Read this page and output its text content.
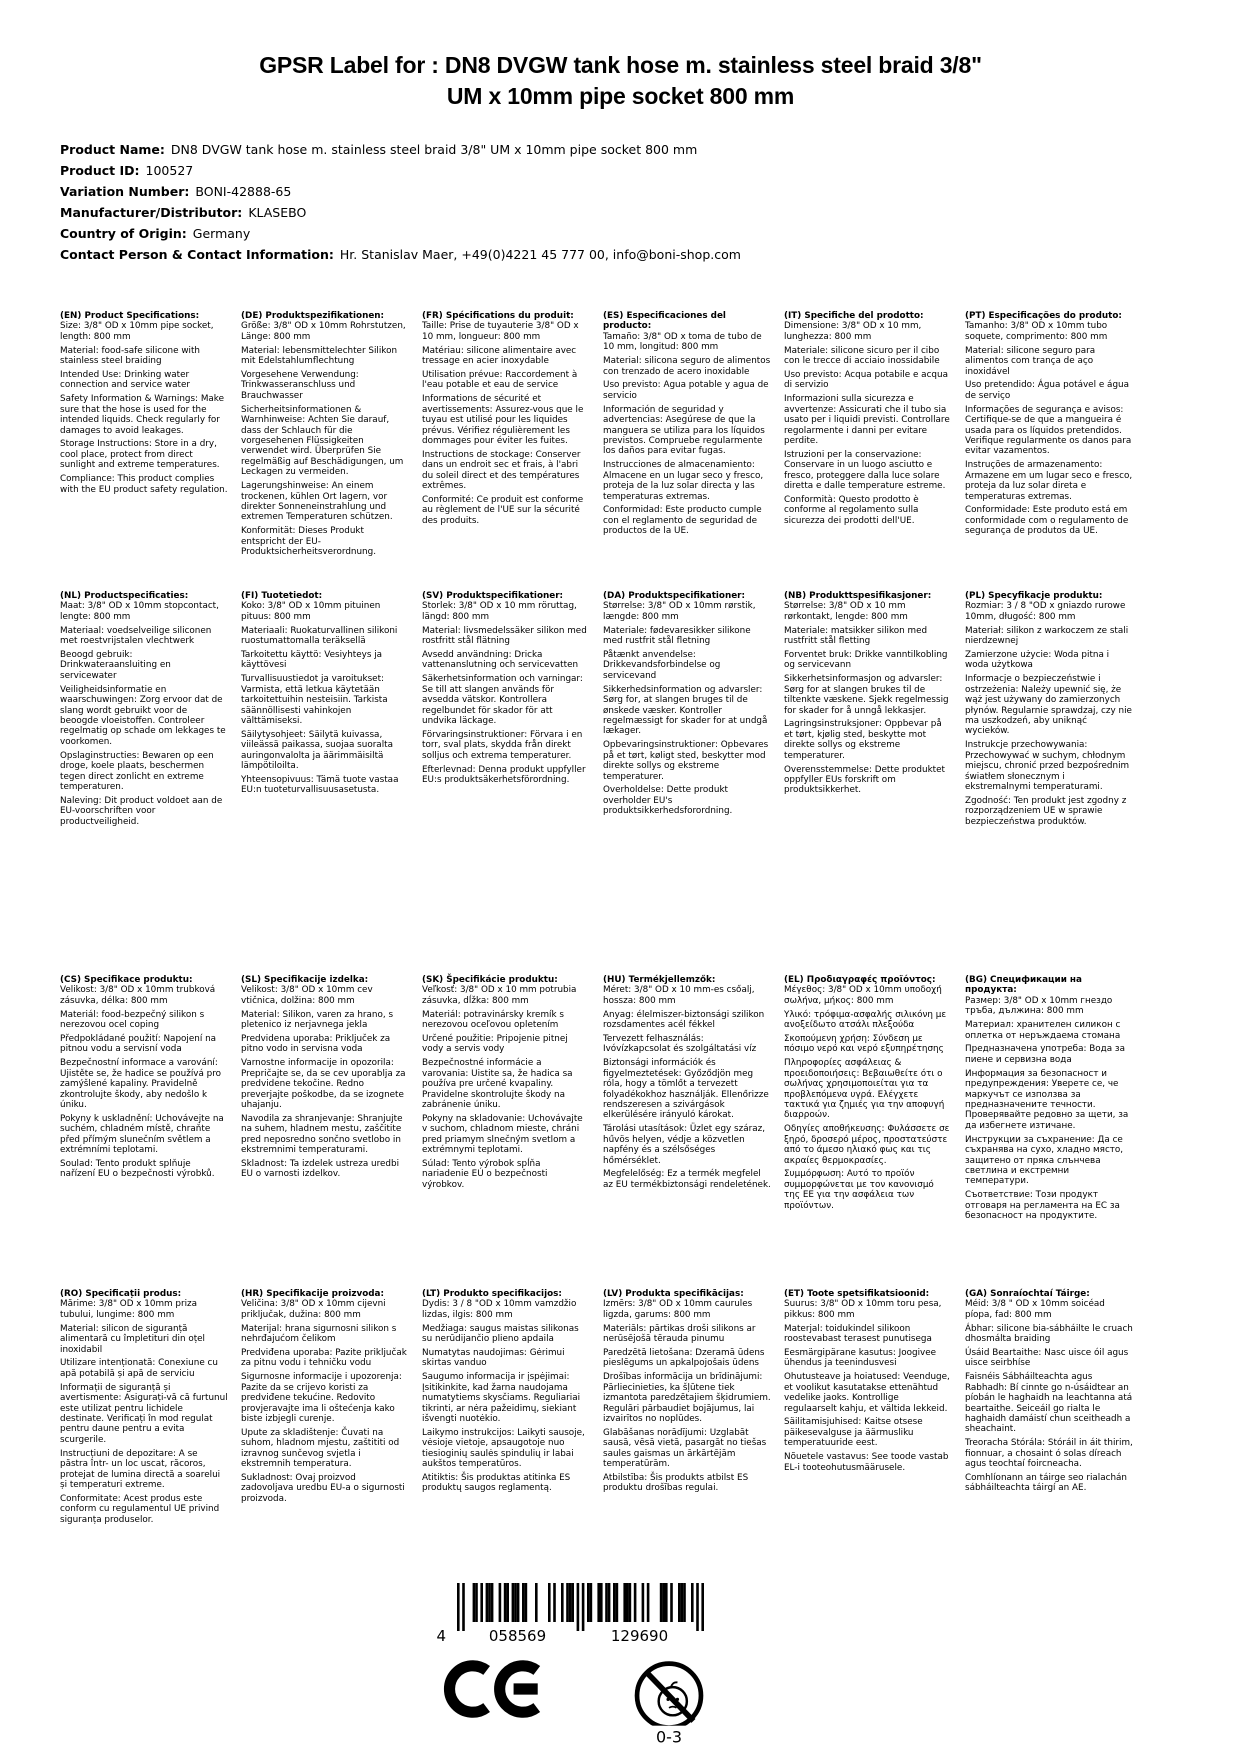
GPSR Label for : DN8 DVGW tank hose m. stainless steel braid 3/8"
UM x 10mm pipe socket 800 mm
Product Name: DN8 DVGW tank hose m. stainless steel braid 3/8" UM x 10mm pipe socket 800 mm
Product ID: 100527
Variation Number: BONI-42888-65
Manufacturer/Distributor: KLASEBO
Country of Origin: Germany
Contact Person & Contact Information: Hr. Stanislav Maer, +49(0)4221 45 777 00, info@boni-shop.com
(EN) Product Specifications:

Size: 3/8" OD x 10mm pipe socket, length: 800 mm

Material: food-safe silicone with stainless steel braiding

Intended Use: Drinking water connection and service water

Safety Information & Warnings: Make sure that the hose is used for the intended liquids. Check regularly for damages to avoid leakages.

Storage Instructions: Store in a dry, cool place, protect from direct sunlight and extreme temperatures.

Compliance: This product complies with the EU product safety regulation.

(DE) Produktspezifikationen:

Größe: 3/8" OD x 10mm Rohrstutzen, Länge: 800 mm

Material: lebensmittelechter Silikon mit Edelstahlumflechtung

Vorgesehene Verwendung: Trinkwasseranschluss und Brauchwasser

Sicherheitsinformationen & Warnhinweise: Achten Sie darauf, dass der Schlauch für die vorgesehenen Flüssigkeiten verwendet wird. Überprüfen Sie regelmäßig auf Beschädigungen, um Leckagen zu vermeiden.

Lagerungshinweise: An einem trockenen, kühlen Ort lagern, vor direkter Sonneneinstrahlung und extremen Temperaturen schützen.

Konformität: Dieses Produkt entspricht der EU-Produktsicherheitsverordnung.

(FR) Spécifications du produit:

Taille: Prise de tuyauterie 3/8" OD x 10 mm, longueur: 800 mm

Matériau: silicone alimentaire avec tressage en acier inoxydable

Utilisation prévue: Raccordement à l'eau potable et eau de service

Informations de sécurité et avertissements: Assurez-vous que le tuyau est utilisé pour les liquides prévus. Vérifiez régulièrement les dommages pour éviter les fuites.

Instructions de stockage: Conserver dans un endroit sec et frais, à l'abri du soleil direct et des températures extrêmes.

Conformité: Ce produit est conforme au règlement de l'UE sur la sécurité des produits.

(ES) Especificaciones del producto:

Tamaño: 3/8" OD x toma de tubo de 10 mm, longitud: 800 mm

Material: silicona seguro de alimentos con trenzado de acero inoxidable

Uso previsto: Agua potable y agua de servicio

Información de seguridad y advertencias: Asegúrese de que la manguera se utiliza para los líquidos previstos. Compruebe regularmente los daños para evitar fugas.

Instrucciones de almacenamiento: Almacene en un lugar seco y fresco, proteja de la luz solar directa y las temperaturas extremas.

Conformidad: Este producto cumple con el reglamento de seguridad de productos de la UE.

(IT) Specifiche del prodotto:

Dimensione: 3/8" OD x 10 mm, lunghezza: 800 mm

Materiale: silicone sicuro per il cibo con le trecce di acciaio inossidabile

Uso previsto: Acqua potabile e acqua di servizio

Informazioni sulla sicurezza e avvertenze: Assicurati che il tubo sia usato per i liquidi previsti. Controllare regolarmente i danni per evitare perdite.

Istruzioni per la conservazione: Conservare in un luogo asciutto e fresco, proteggere dalla luce solare diretta e dalle temperature estreme.

Conformità: Questo prodotto è conforme al regolamento sulla sicurezza dei prodotti dell'UE.

(PT) Especificações do produto:

Tamanho: 3/8" OD x 10mm tubo soquete, comprimento: 800 mm

Material: silicone seguro para alimentos com trança de aço inoxidável

Uso pretendido: Água potável e água de serviço

Informações de segurança e avisos: Certifique-se de que a mangueira é usada para os líquidos pretendidos. Verifique regularmente os danos para evitar vazamentos.

Instruções de armazenamento: Armazene em um lugar seco e fresco, proteja da luz solar direta e temperaturas extremas.

Conformidade: Este produto está em conformidade com o regulamento de segurança de produtos da UE.

(NL) Productspecificaties:

Maat: 3/8" OD x 10mm stopcontact, lengte: 800 mm

Materiaal: voedselveilige siliconen met roestvrijstalen vlechtwerk

Beoogd gebruik: Drinkwateraansluiting en servicewater

Veiligheidsinformatie en waarschuwingen: Zorg ervoor dat de slang wordt gebruikt voor de beoogde vloeistoffen. Controleer regelmatig op schade om lekkages te voorkomen.

Opslaginstructies: Bewaren op een droge, koele plaats, beschermen tegen direct zonlicht en extreme temperaturen.

Naleving: Dit product voldoet aan de EU-voorschriften voor productveiligheid.

(FI) Tuotetiedot:

Koko: 3/8" OD x 10mm pituinen pituus: 800 mm

Materiaali: Ruokaturvallinen silikoni ruostumattomalla teräksellä

Tarkoitettu käyttö: Vesiyhteys ja käyttövesi

Turvallisuustiedot ja varoitukset: Varmista, että letkua käytetään tarkoitettuihin nesteisiin. Tarkista säännöllisesti vahinkojen välttämiseksi.

Säilytysohjeet: Säilytä kuivassa, viileässä paikassa, suojaa suoralta auringonvalolta ja äärimmäisiltä lämpötiloilta.

Yhteensopivuus: Tämä tuote vastaa EU:n tuoteturvallisuusasetusta.

(SV) Produktspecifikationer:

Storlek: 3/8" OD x 10 mm röruttag, längd: 800 mm

Material: livsmedelssäker silikon med rostfritt stål flätning

Avsedd användning: Dricka vattenanslutning och servicevatten

Säkerhetsinformation och varningar: Se till att slangen används för avsedda vätskor. Kontrollera regelbundet för skador för att undvika läckage.

Förvaringsinstruktioner: Förvara i en torr, sval plats, skydda från direkt solljus och extrema temperaturer.

Efterlevnad: Denna produkt uppfyller EU:s produktsäkerhetsförordning.

(DA) Produktspecifikationer:

Størrelse: 3/8" OD x 10mm rørstik, længde: 800 mm

Materiale: fødevaresikker silikone med rustfrit stål fletning

Påtænkt anvendelse: Drikkevandsforbindelse og servicevand

Sikkerhedsinformation og advarsler: Sørg for, at slangen bruges til de ønskede væsker. Kontroller regelmæssigt for skader for at undgå lækager.

Opbevaringsinstruktioner: Opbevares på et tørt, køligt sted, beskytter mod direkte sollys og ekstreme temperaturer.

Overholdelse: Dette produkt overholder EU's produktsikkerhedsforordning.

(NB) Produkttspesifikasjoner:

Størrelse: 3/8" OD x 10 mm rørkontakt, lengde: 800 mm

Materiale: matsikker silikon med rustfritt stål fletting

Forventet bruk: Drikke vanntilkobling og servicevann

Sikkerhetsinformasjon og advarsler: Sørg for at slangen brukes til de tiltenkte væskene. Sjekk regelmessig for skader for å unngå lekkasjer.

Lagringsinstruksjoner: Oppbevar på et tørt, kjølig sted, beskytte mot direkte sollys og ekstreme temperaturer.

Overensstemmelse: Dette produktet oppfyller EUs forskrift om produktsikkerhet.

(PL) Specyfikacje produktu:

Rozmiar: 3 / 8 "OD x gniazdo rurowe 10mm, długość: 800 mm

Materiał: silikon z warkoczem ze stali nierdzewnej

Zamierzone użycie: Woda pitna i woda użytkowa

Informacje o bezpieczeństwie i ostrzeżenia: Należy upewnić się, że wąż jest używany do zamierzonych płynów. Regularnie sprawdzaj, czy nie ma uszkodzeń, aby uniknąć wycieków.

Instrukcje przechowywania: Przechowywać w suchym, chłodnym miejscu, chronić przed bezpośrednim światłem słonecznym i ekstremalnymi temperaturami.

Zgodność: Ten produkt jest zgodny z rozporządzeniem UE w sprawie bezpieczeństwa produktów.

(CS) Specifikace produktu:

Velikost: 3/8" OD x 10mm trubková zásuvka, délka: 800 mm

Materiál: food-bezpečný silikon s nerezovou ocel coping

Předpokládané použití: Napojení na pitnou vodu a servisní voda

Bezpečnostní informace a varování: Ujistěte se, že hadice se používá pro zamýšlené kapaliny. Pravidelně zkontrolujte škody, aby nedošlo k úniku.

Pokyny k uskladnění: Uchovávejte na suchém, chladném místě, chraňte před přímým slunečním světlem a extrémními teplotami.

Soulad: Tento produkt splňuje nařízení EU o bezpečnosti výrobků.

(SL) Specifikacije izdelka:

Velikost: 3/8" OD x 10mm cev vtičnica, dolžina: 800 mm

Material: Silikon, varen za hrano, s pletenico iz nerjavnega jekla

Predvidena uporaba: Priključek za pitno vodo in servisna voda

Varnostne informacije in opozorila: Prepričajte se, da se cev uporablja za predvidene tekočine. Redno preverjajte poškodbe, da se izognete uhajanju.

Navodila za shranjevanje: Shranjujte na suhem, hladnem mestu, zaščitite pred neposredno sončno svetlobo in ekstremnimi temperaturami.

Skladnost: Ta izdelek ustreza uredbi EU o varnosti izdelkov.

(SK) Špecifikácie produktu:

Veľkosť: 3/8" OD x 10 mm potrubia zásuvka, dĺžka: 800 mm

Materiál: potravinársky kremík s nerezovou oceľovou opletením

Určené použitie: Pripojenie pitnej vody a servis vody

Bezpečnostné informácie a varovania: Uistite sa, že hadica sa používa pre určené kvapaliny. Pravidelne skontrolujte škody na zabránenie úniku.

Pokyny na skladovanie: Uchovávajte v suchom, chladnom mieste, chráni pred priamym slnečným svetlom a extrémnymi teplotami.

Súlad: Tento výrobok spĺňa nariadenie EÚ o bezpečnosti výrobkov.

(HU) Termékjellemzők:

Méret: 3/8" OD x 10 mm-es csőalj, hossza: 800 mm

Anyag: élelmiszer-biztonsági szilikon rozsdamentes acél fékkel

Tervezett felhasználás: Ivóvízkapcsolat és szolgáltatási víz

Biztonsági információk és figyelmeztetések: Győződjön meg róla, hogy a tömlőt a tervezett folyadékokhoz használják. Ellenőrizze rendszeresen a szivárgások elkerülésére irányuló károkat.

Tárolási utasítások: Üzlet egy száraz, hűvös helyen, védje a közvetlen napfény és a szélsőséges hőmérséklet.

Megfelelőség: Ez a termék megfelel az EU termékbiztonsági rendeletének.

(EL) Προδιαγραφές προϊόντος:

Μέγεθος: 3/8" OD x 10mm υποδοχή σωλήνα, μήκος: 800 mm

Υλικό: τρόφιμα-ασφαλής σιλικόνη με ανοξείδωτο ατσάλι πλεξούδα

Σκοπούμενη χρήση: Σύνδεση με πόσιμο νερό και νερό εξυπηρέτησης

Πληροφορίες ασφάλειας & προειδοποιήσεις: Βεβαιωθείτε ότι ο σωλήνας χρησιμοποιείται για τα προβλεπόμενα υγρά. Ελέγχετε τακτικά για ζημιές για την αποφυγή διαρροών.

Οδηγίες αποθήκευσης: Φυλάσσετε σε ξηρό, δροσερό μέρος, προστατεύστε από το άμεσο ηλιακό φως και τις ακραίες θερμοκρασίες.

Συμμόρφωση: Αυτό το προϊόν συμμορφώνεται με τον κανονισμό της ΕΕ για την ασφάλεια των προϊόντων.

(BG) Спецификации на продукта:

Размер: 3/8" OD x 10mm гнездо тръба, дължина: 800 mm

Материал: хранителен силикон с оплетка от неръждаема стомана

Предназначена употреба: Вода за пиене и сервизна вода

Информация за безопасност и предупреждения: Уверете се, че маркучът се използва за предназначените течности. Проверявайте редовно за щети, за да избегнете изтичане.

Инструкции за съхранение: Да се съхранява на сухо, хладно място, защитено от пряка слънчева светлина и екстремни температури.

Съответствие: Този продукт отговаря на регламента на ЕС за безопасност на продуктите.

(RO) Specificații produs:

Mărime: 3/8" OD x 10mm priza tubului, lungime: 800 mm

Material: silicon de siguranță alimentară cu împletituri din oțel inoxidabil

Utilizare intenționată: Conexiune cu apă potabilă și apă de serviciu

Informații de siguranță și avertismente: Asigurați-vă că furtunul este utilizat pentru lichidele destinate. Verificați în mod regulat pentru daune pentru a evita scurgerile.

Instrucțiuni de depozitare: A se păstra într- un loc uscat, răcoros, protejat de lumina directă a soarelui și temperaturi extreme.

Conformitate: Acest produs este conform cu regulamentul UE privind siguranța produselor.

(HR) Specifikacije proizvoda:

Veličina: 3/8" OD x 10mm cijevni priključak, dužina: 800 mm

Materijal: hrana sigurnosni silikon s nehrđajućom čelikom

Predviđena uporaba: Pazite priključak za pitnu vodu i tehničku vodu

Sigurnosne informacije i upozorenja: Pazite da se crijevo koristi za predviđene tekućine. Redovito provjeravajte ima li oštećenja kako biste izbjegli curenje.

Upute za skladištenje: Čuvati na suhom, hladnom mjestu, zaštititi od izravnog sunčevog svjetla i ekstremnih temperatura.

Sukladnost: Ovaj proizvod zadovoljava uredbu EU-a o sigurnosti proizvoda.

(LT) Produkto specifikacijos:

Dydis: 3 / 8 "OD x 10mm vamzdžio lizdas, ilgis: 800 mm

Medžiaga: saugus maistas silikonas su nerūdijančio plieno apdaila

Numatytas naudojimas: Gėrimui skirtas vanduo

Saugumo informacija ir įspėjimai: Įsitikinkite, kad žarna naudojama numatytiems skysčiams. Reguliariai tikrinti, ar nėra pažeidimų, siekiant išvengti nuotėkio.

Laikymo instrukcijos: Laikyti sausoje, vėsioje vietoje, apsaugotoje nuo tiesioginių saulės spindulių ir labai aukštos temperatūros.

Atitiktis: Šis produktas atitinka ES produktų saugos reglamentą.

(LV) Produkta specifikācijas:

Izmērs: 3/8" OD x 10mm caurules ligzda, garums: 800 mm

Materiāls: pārtikas droši silikons ar nerūsējošā tērauda pinumu

Paredzētā lietošana: Dzeramā ūdens pieslēgums un apkalpojošais ūdens

Drošības informācija un brīdinājumi: Pārliecinieties, ka šļūtene tiek izmantota paredzētajiem šķidrumiem. Regulāri pārbaudiet bojājumus, lai izvairītos no noplūdes.

Glabāšanas norādījumi: Uzglabāt sausā, vēsā vietā, pasargāt no tiešas saules gaismas un ārkārtējām temperatūrām.

Atbilstība: Šis produkts atbilst ES produktu drošības regulai.

(ET) Toote spetsifikatsioonid:

Suurus: 3/8" OD x 10mm toru pesa, pikkus: 800 mm

Materjal: toidukindel silikoon roostevabast terasest punutisega

Eesmärgipärane kasutus: Joogivee ühendus ja teenindusvesi

Ohutusteave ja hoiatused: Veenduge, et voolikut kasutatakse ettenähtud vedelike jaoks. Kontrollige regulaarselt kahju, et vältida lekkeid.

Säilitamisjuhised: Kaitse otsese päikesevalguse ja äärmusliku temperatuuride eest.

Nõuetele vastavus: See toode vastab EL-i tooteohutusmäärusele.

(GA) Sonraíochtaí Táirge:

Méid: 3/8 " OD x 10mm soicéad píopa, fad: 800 mm

Ábhar: silicone bia-sábháilte le cruach dhosmálta braiding

Úsáid Beartaithe: Nasc uisce óil agus uisce seirbhíse

Faisnéis Sábháilteachta agus Rabhadh: Bí cinnte go n-úsáidtear an píobán le haghaidh na leachtanna atá beartaithe. Seiceáil go rialta le haghaidh damáistí chun sceitheadh a sheachaint.

Treoracha Stórála: Stóráil in áit thirim, fionnuar, a chosaint ó solas díreach agus teochtaí foircneacha.

Comhlíonann an táirge seo rialachán sábháilteachta táirgí an AE.

4	058569	129690
0-3
